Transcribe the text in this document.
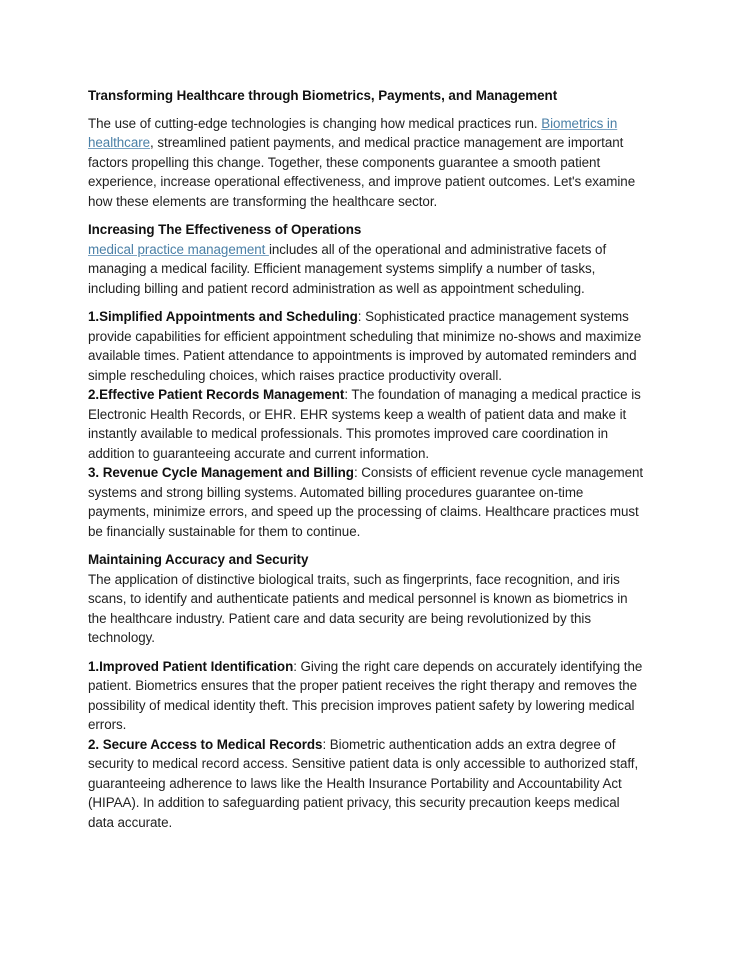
Transforming Healthcare through Biometrics, Payments, and Management

The use of cutting-edge technologies is changing how medical practices run. Biometrics in healthcare, streamlined patient payments, and medical practice management are important factors propelling this change. Together, these components guarantee a smooth patient experience, increase operational effectiveness, and improve patient outcomes. Let's examine how these elements are transforming the healthcare sector.

Increasing The Effectiveness of Operations
medical practice management includes all of the operational and administrative facets of managing a medical facility. Efficient management systems simplify a number of tasks, including billing and patient record administration as well as appointment scheduling.

1.Simplified Appointments and Scheduling: Sophisticated practice management systems provide capabilities for efficient appointment scheduling that minimize no-shows and maximize available times. Patient attendance to appointments is improved by automated reminders and simple rescheduling choices, which raises practice productivity overall.

2.Effective Patient Records Management: The foundation of managing a medical practice is Electronic Health Records, or EHR. EHR systems keep a wealth of patient data and make it instantly available to medical professionals. This promotes improved care coordination in addition to guaranteeing accurate and current information.

3. Revenue Cycle Management and Billing: Consists of efficient revenue cycle management systems and strong billing systems. Automated billing procedures guarantee on-time payments, minimize errors, and speed up the processing of claims. Healthcare practices must be financially sustainable for them to continue.

Maintaining Accuracy and Security
The application of distinctive biological traits, such as fingerprints, face recognition, and iris scans, to identify and authenticate patients and medical personnel is known as biometrics in the healthcare industry. Patient care and data security are being revolutionized by this technology.

1.Improved Patient Identification: Giving the right care depends on accurately identifying the patient. Biometrics ensures that the proper patient receives the right therapy and removes the possibility of medical identity theft. This precision improves patient safety by lowering medical errors.

2. Secure Access to Medical Records: Biometric authentication adds an extra degree of security to medical record access. Sensitive patient data is only accessible to authorized staff, guaranteeing adherence to laws like the Health Insurance Portability and Accountability Act (HIPAA). In addition to safeguarding patient privacy, this security precaution keeps medical data accurate.
